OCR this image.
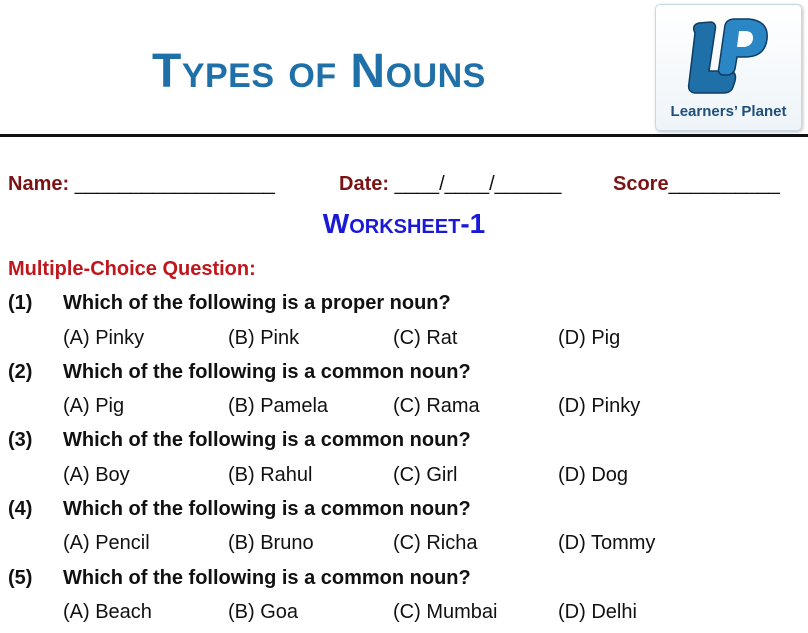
Types of Nouns
Learners’ Planet
Name: __________________	Date: ____/____/______	Score__________
Worksheet-1
Multiple-Choice Question:
(1) Which of the following is a proper noun?
(A) Pinky	(B) Pink	(C) Rat	(D) Pig
(2) Which of the following is a common noun?
(A) Pig	(B) Pamela	(C) Rama	(D) Pinky
(3) Which of the following is a common noun?
(A) Boy	(B) Rahul	(C) Girl	(D) Dog
(4) Which of the following is a common noun?
(A) Pencil	(B) Bruno	(C) Richa	(D) Tommy
(5) Which of the following is a common noun?
(A) Beach	(B) Goa	(C) Mumbai	(D) Delhi
